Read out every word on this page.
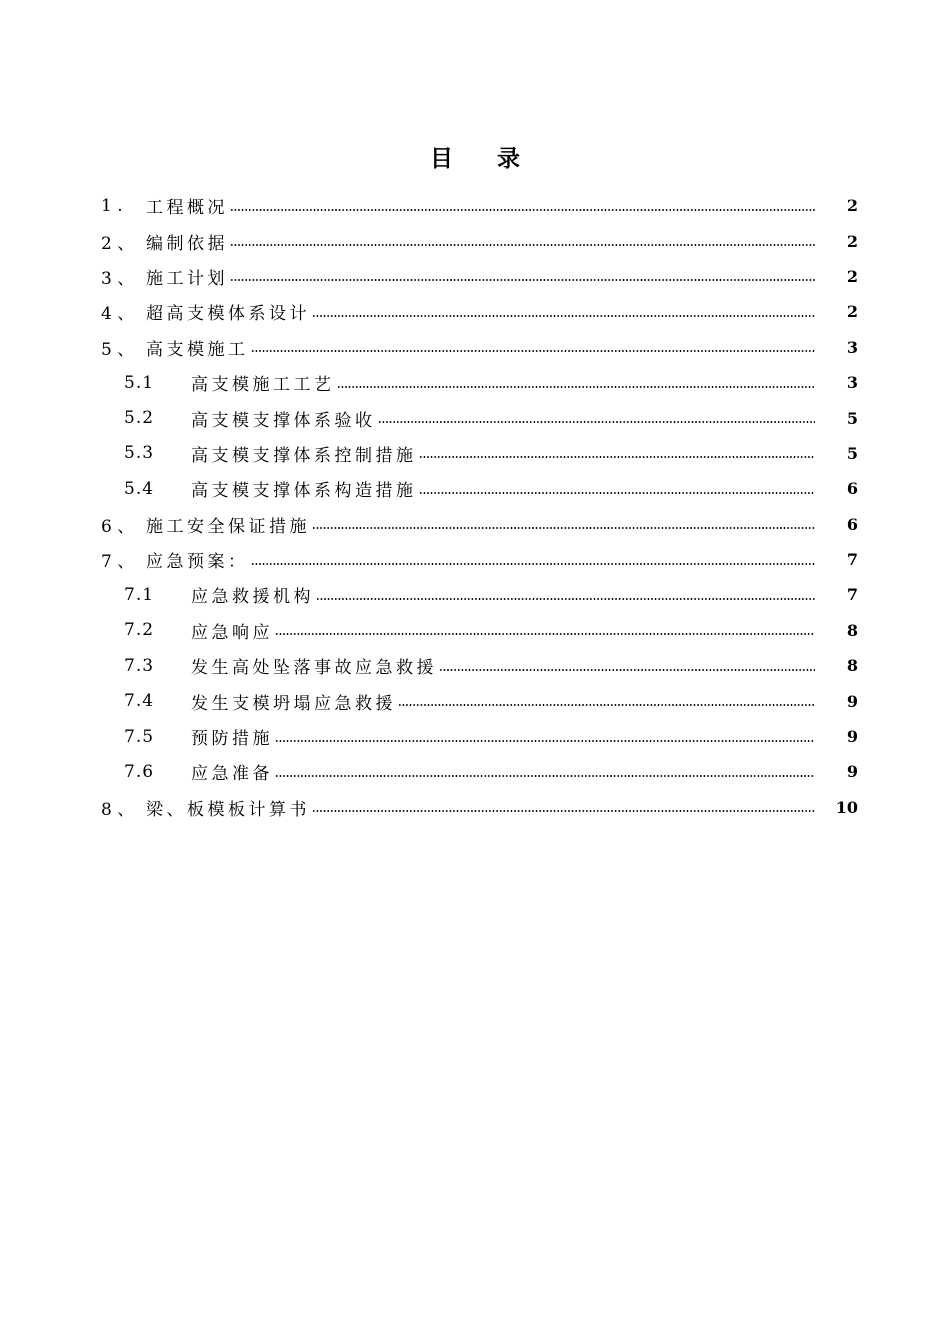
目 录
1 .	工程概况	2
2 、 编制依据	2
3 、 施工计划	2
4 、 超高支模体系设计	2
5 、 高支模施工	3
5.1	高支模施工工艺	3
5.2	高支模支撑体系验收	5
5.3	高支模支撑体系控制措施	5
5.4	高支模支撑体系构造措施	6
6 、 施工安全保证措施	6
7 、 应急预案：	7
7.1	应急救援机构	7
7.2	应急响应	8
7.3	发生高处坠落事故应急救援	8
7.4	发生支模坍塌应急救援	9
7.5	预防措施	9
7.6	应急准备	9
8 、 梁、板模板计算书	10
